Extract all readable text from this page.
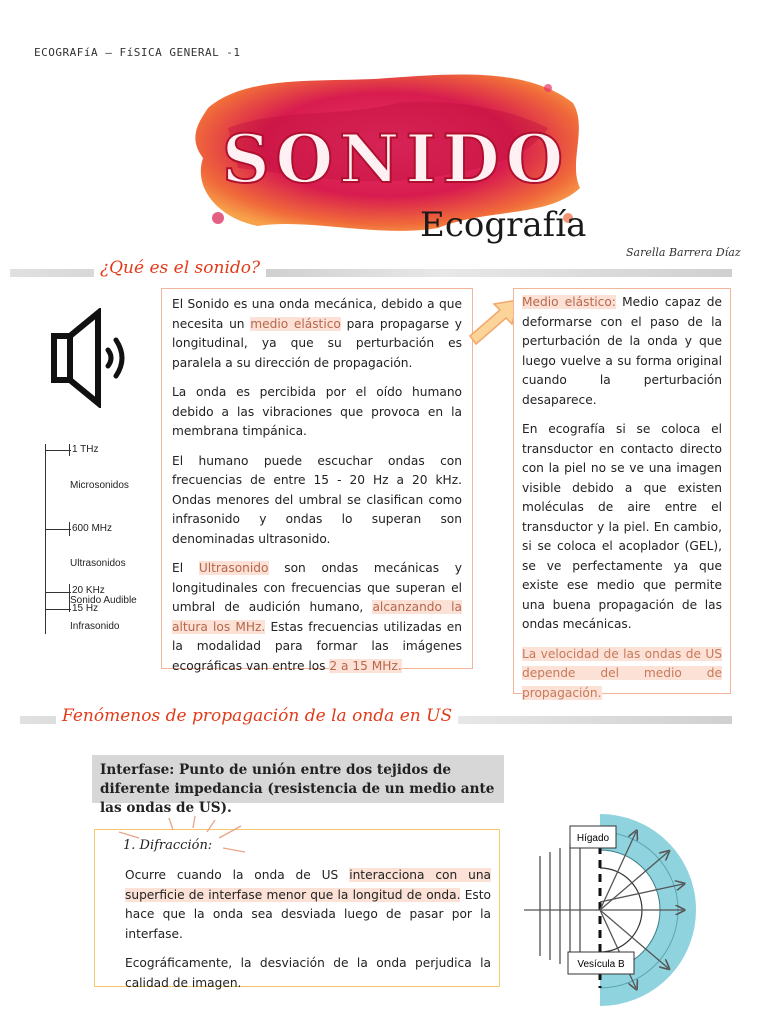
ECOGRAFíA – FíSICA GENERAL -1
SONIDO
Ecografía
Sarella Barrera Díaz
¿Qué es el sonido?
1 THz
Microsonidos
600 MHz
Ultrasonidos
20 KHz
Sonido Audible
15 Hz
Infrasonido

El Sonido es una onda mecánica, debido a que necesita un medio elástico para propagarse y longitudinal, ya que su perturbación es paralela a su dirección de propagación.

La onda es percibida por el oído humano debido a las vibraciones que provoca en la membrana timpánica.

El humano puede escuchar ondas con frecuencias de entre 15 - 20 Hz a 20 kHz. Ondas menores del umbral se clasifican como infrasonido y ondas lo superan son denominadas ultrasonido.

El Ultrasonido son ondas mecánicas y longitudinales con frecuencias que superan el umbral de audición humano, alcanzando la altura los MHz. Estas frecuencias utilizadas en la modalidad para formar las imágenes ecográficas van entre los 2 a 15 MHz.

Medio elástico: Medio capaz de deformarse con el paso de la perturbación de la onda y que luego vuelve a su forma original cuando la perturbación desaparece.

En ecografía si se coloca el transductor en contacto directo con la piel no se ve una imagen visible debido a que existen moléculas de aire entre el transductor y la piel. En cambio, si se coloca el acoplador (GEL), se ve perfectamente ya que existe ese medio que permite una buena propagación de las ondas mecánicas.

La velocidad de las ondas de US depende del medio de propagación.

Fenómenos de propagación de la onda en US
Interfase: Punto de unión entre dos tejidos de diferente impedancia (resistencia de un medio ante las ondas de US).
1. Difracción:

Ocurre cuando la onda de US interacciona con una superficie de interfase menor que la longitud de onda. Esto hace que la onda sea desviada luego de pasar por la interfase.

Ecográficamente, la desviación de la onda perjudica la calidad de imagen.

Hígado
Vesícula B
